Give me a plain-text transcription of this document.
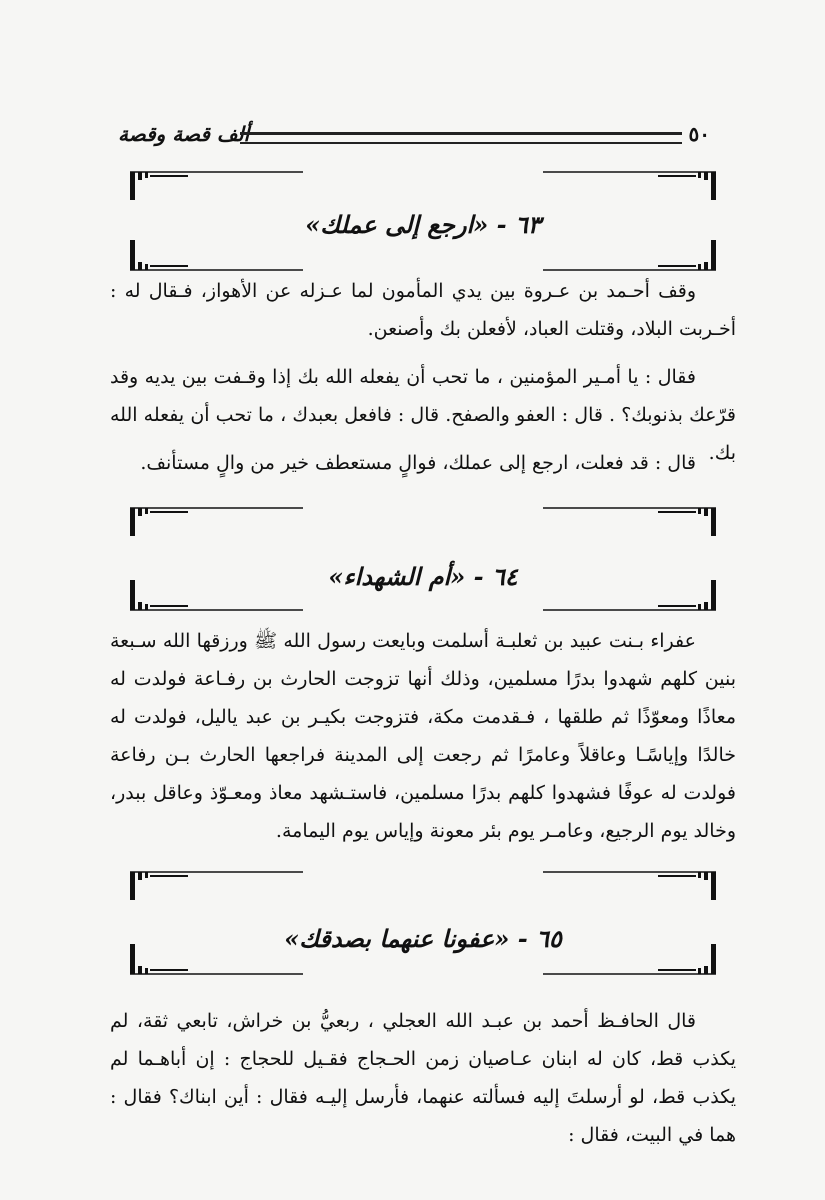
ألف قصة وقصة	٥٠
٦٣ - «ارجع إلى عملك»

وقف أحـمد بن عـروة بين يدي المأمون لما عـزله عن الأهواز، فـقال له : أخـربت البلاد، وقتلت العباد، لأفعلن بك وأصنعن.

فقال : يا أمـير المؤمنين ، ما تحب أن يفعله الله بك إذا وقـفت بين يديه وقد قرّعك بذنوبك؟ . قال : العفو والصفح. قال : فافعل بعبدك ، ما تحب أن يفعله الله بك.

قال : قد فعلت، ارجع إلى عملك، فوالٍ مستعطف خير من والٍ مستأنف.

٦٤ - «أم الشهداء»

عفراء بـنت عبيد بن ثعلبـة أسلمت وبايعت رسول الله ﷺ ورزقها الله سـبعة بنين كلهم شهدوا بدرًا مسلمين، وذلك أنها تزوجت الحارث بن رفـاعة فولدت له معاذًا ومعوّذًا ثم طلقها ، فـقدمت مكة، فتزوجت بكيـر بن عبد ياليل، فولدت له خالدًا وإياسًـا وعاقلاً وعامرًا ثم رجعت إلى المدينة فراجعها الحارث بـن رفاعة فولدت له عوفًا فشهدوا كلهم بدرًا مسلمين، فاستـشهد معاذ ومعـوّذ وعاقل ببدر، وخالد يوم الرجيع، وعامـر يوم بئر معونة وإياس يوم اليمامة.

٦٥ - «عفونا عنهما بصدقك»

قال الحافـظ أحمد بن عبـد الله العجلي ، ربعيُّ بن خراش، تابعي ثقة، لم يكذب قط، كان له ابنان عـاصيان زمن الحـجاج فقـيل للحجاج : إن أباهـما لم يكذب قط، لو أرسلتَ إليه فسألته عنهما، فأرسل إليـه فقال : أين ابناك؟ فقال : هما في البيت، فقال :
